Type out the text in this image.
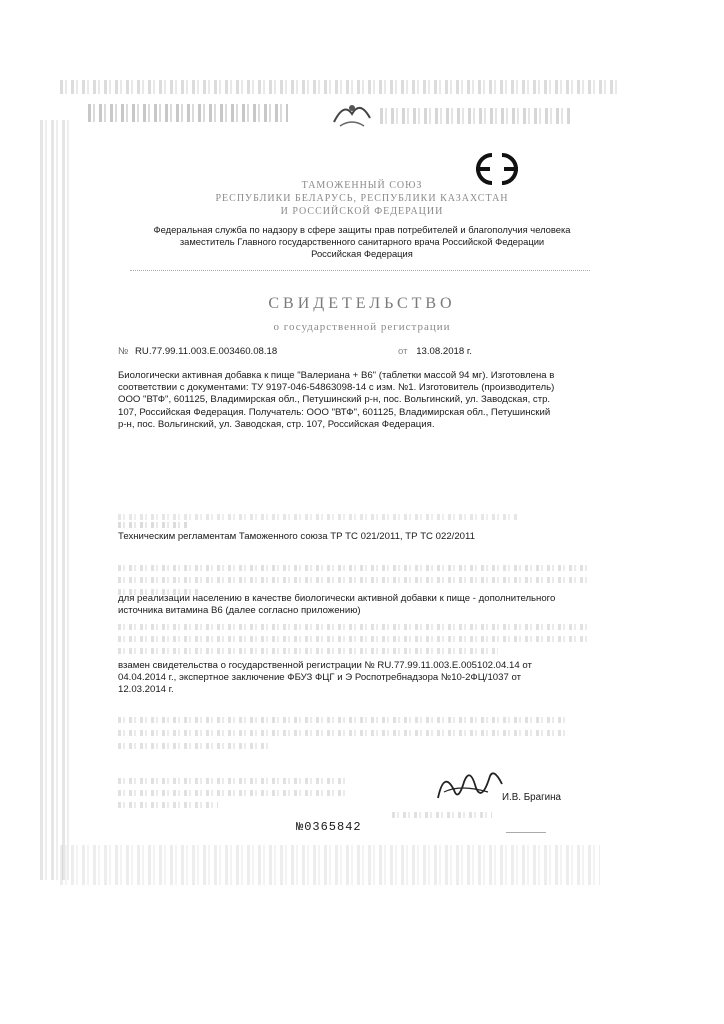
ТАМОЖЕННЫЙ СОЮЗ
РЕСПУБЛИКИ БЕЛАРУСЬ, РЕСПУБЛИКИ КАЗАХСТАН
И РОССИЙСКОЙ ФЕДЕРАЦИИ
Федеральная служба по надзору в сфере защиты прав потребителей и благополучия человека
заместитель Главного государственного санитарного врача Российской Федерации
Российская Федерация
СВИДЕТЕЛЬСТВО
о государственной регистрации
№ RU.77.99.11.003.Е.003460.08.18	от 13.08.2018 г.
Биологически активная добавка к пище "Валериана + В6" (таблетки массой 94 мг). Изготовлена в
соответствии с документами: ТУ 9197-046-54863098-14 с изм. №1. Изготовитель (производитель)
ООО "ВТФ", 601125, Владимирская обл., Петушинский р-н, пос. Вольгинский, ул. Заводская, стр.
107, Российская Федерация. Получатель: ООО "ВТФ", 601125, Владимирская обл., Петушинский
р-н, пос. Вольгинский, ул. Заводская, стр. 107, Российская Федерация.
Техническим регламентам Таможенного союза ТР ТС 021/2011, ТР ТС 022/2011
для реализации населению в качестве биологически активной добавки к пище - дополнительного
источника витамина В6 (далее согласно приложению)
взамен свидетельства о государственной регистрации № RU.77.99.11.003.Е.005102.04.14 от
04.04.2014 г., экспертное заключение ФБУЗ ФЦГ и Э Роспотребнадзора №10-2ФЦ/1037 от
12.03.2014 г.
И.В. Брагина
№0365842
